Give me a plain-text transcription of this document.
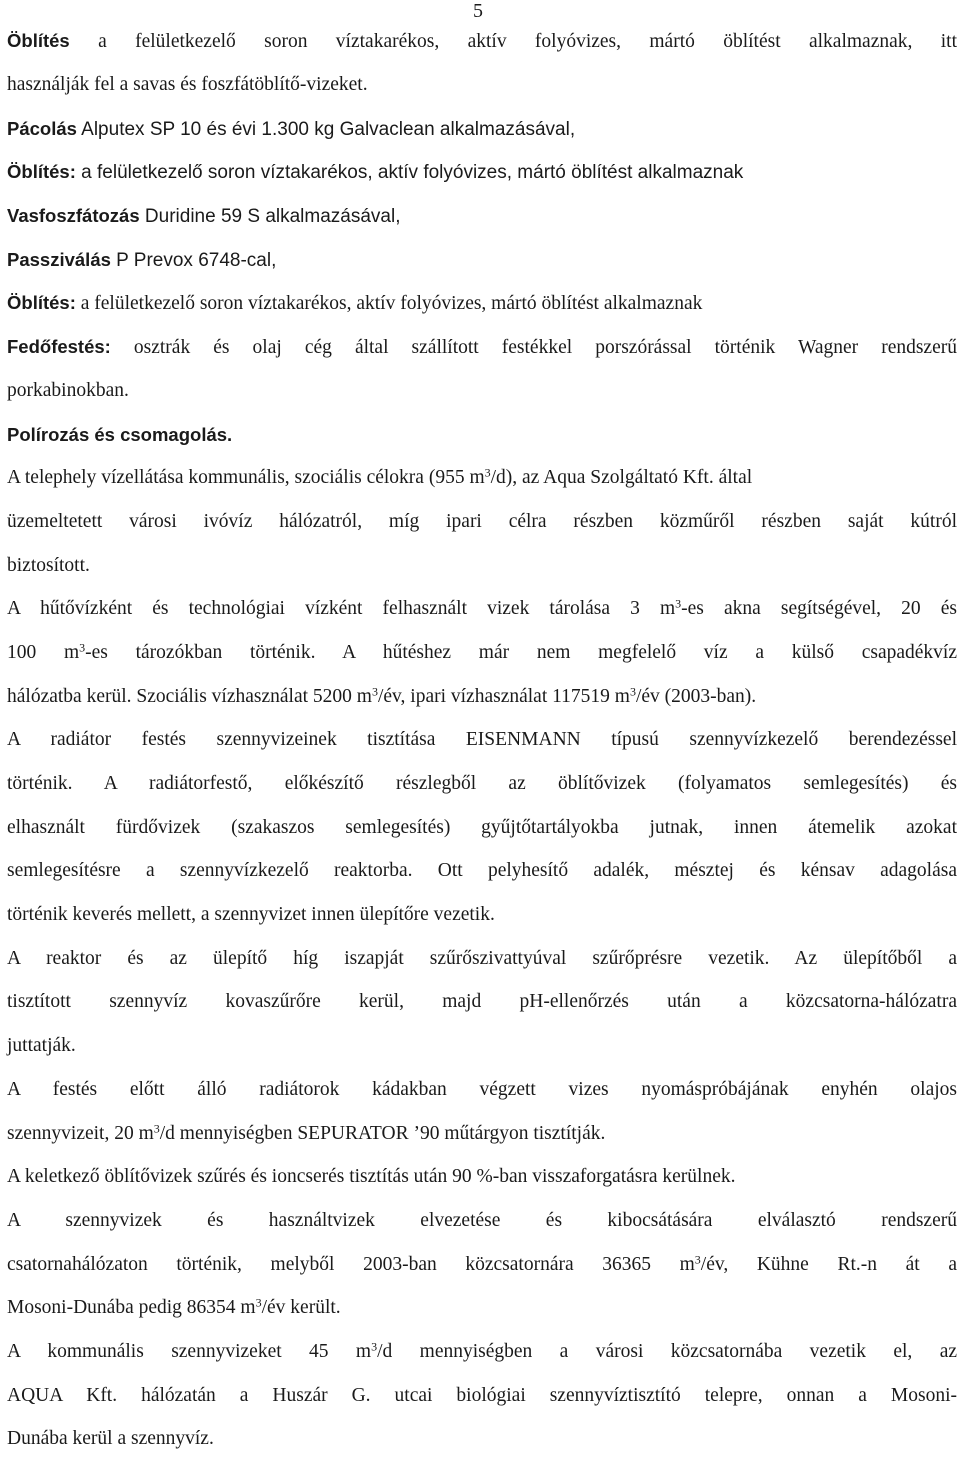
5
Öblítés a felületkezelő soron víztakarékos, aktív folyóvizes, mártó öblítést alkalmaznak, itt
használják fel a savas és foszfátöblítő-vizeket.
Pácolás Alputex SP 10 és évi 1.300 kg Galvaclean alkalmazásával,
Öblítés: a felületkezelő soron víztakarékos, aktív folyóvizes, mártó öblítést alkalmaznak
Vasfoszfátozás Duridine 59 S alkalmazásával,
Passziválás P Prevox 6748-cal,
Öblítés: a felületkezelő soron víztakarékos, aktív folyóvizes, mártó öblítést alkalmaznak
Fedőfestés: osztrák és olaj cég által szállított festékkel porszórással történik Wagner rendszerű
porkabinokban.
Polírozás és csomagolás.
A telephely vízellátása kommunális, szociális célokra (955 $m^3/d$), az Aqua Szolgáltató Kft. által
üzemeltetett városi ivóvíz hálózatról, míg ipari célra részben közműről részben saját kútról
biztosított.
A hűtővízként és technológiai vízként felhasznált vizek tárolása 3 $m^3-es$ akna segítségével, 20 és
100 $m^3-es$ tározókban történik. A hűtéshez már nem megfelelő víz a külső csapadékvíz
hálózatba kerül. Szociális vízhasználat 5200 $m^3/év$, ipari vízhasználat 117519 $m^3/év$ (2003-ban).
A radiátor festés szennyvizeinek tisztítása EISENMANN típusú szennyvízkezelő berendezéssel
történik. A radiátorfestő, előkészítő részlegből az öblítővizek (folyamatos semlegesítés) és
elhasznált fürdővizek (szakaszos semlegesítés) gyűjtőtartályokba jutnak, innen átemelik azokat
semlegesítésre a szennyvízkezelő reaktorba. Ott pelyhesítő adalék, mésztej és kénsav adagolása
történik keverés mellett, a szennyvizet innen ülepítőre vezetik.
A reaktor és az ülepítő híg iszapját szűrőszivattyúval szűrőprésre vezetik. Az ülepítőből a
tisztított szennyvíz kovaszűrőre kerül, majd pH-ellenőrzés után a közcsatorna-hálózatra
juttatják.
A festés előtt álló radiátorok kádakban végzett vizes nyomáspróbájának enyhén olajos
szennyvizeit, 20 $m^3/d$ mennyiségben SEPURATOR ’90 műtárgyon tisztítják.
A keletkező öblítővizek szűrés és ioncserés tisztítás után 90 %-ban visszaforgatásra kerülnek.
A szennyvizek és használtvizek elvezetése és kibocsátására elválasztó rendszerű
csatornahálózaton történik, melyből 2003-ban közcsatornára 36365 $m^3/év$, Kühne Rt.-n át a
Mosoni-Dunába pedig 86354 $m^3/év$ került.
A kommunális szennyvizeket 45 $m^3/d$ mennyiségben a városi közcsatornába vezetik el, az
AQUA Kft. hálózatán a Huszár G. utcai biológiai szennyvíztisztító telepre, onnan a Mosoni-
Dunába kerül a szennyvíz.
